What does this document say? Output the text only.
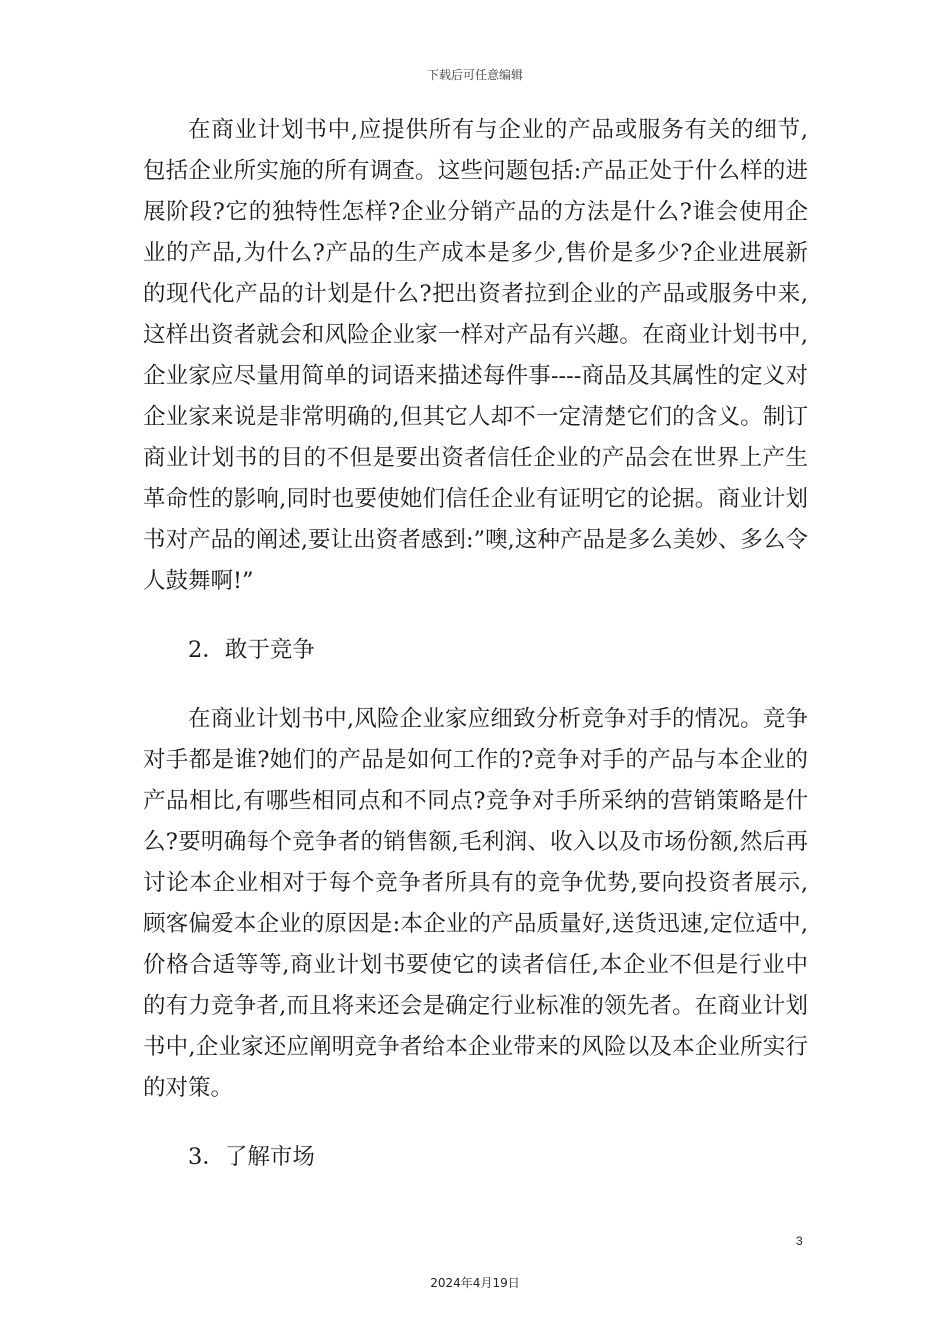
下载后可任意编辑

在商业计划书中,应提供所有与企业的产品或服务有关的细节,包括企业所实施的所有调查。这些问题包括:产品正处于什么样的进展阶段?它的独特性怎样?企业分销产品的方法是什么?谁会使用企业的产品,为什么?产品的生产成本是多少,售价是多少?企业进展新的现代化产品的计划是什么?把出资者拉到企业的产品或服务中来,这样出资者就会和风险企业家一样对产品有兴趣。在商业计划书中,企业家应尽量用简单的词语来描述每件事----商品及其属性的定义对企业家来说是非常明确的,但其它人却不一定清楚它们的含义。制订商业计划书的目的不但是要出资者信任企业的产品会在世界上产生革命性的影响,同时也要使她们信任企业有证明它的论据。商业计划书对产品的阐述,要让出资者感到:”噢,这种产品是多么美妙、多么令人鼓舞啊!”

2．敢于竞争

在商业计划书中,风险企业家应细致分析竞争对手的情况。竞争对手都是谁?她们的产品是如何工作的?竞争对手的产品与本企业的产品相比,有哪些相同点和不同点?竞争对手所采纳的营销策略是什么?要明确每个竞争者的销售额,毛利润、收入以及市场份额,然后再讨论本企业相对于每个竞争者所具有的竞争优势,要向投资者展示,顾客偏爱本企业的原因是:本企业的产品质量好,送货迅速,定位适中,价格合适等等,商业计划书要使它的读者信任,本企业不但是行业中的有力竞争者,而且将来还会是确定行业标准的领先者。在商业计划书中,企业家还应阐明竞争者给本企业带来的风险以及本企业所实行的对策。

3．了解市场

3
2024年4月19日
